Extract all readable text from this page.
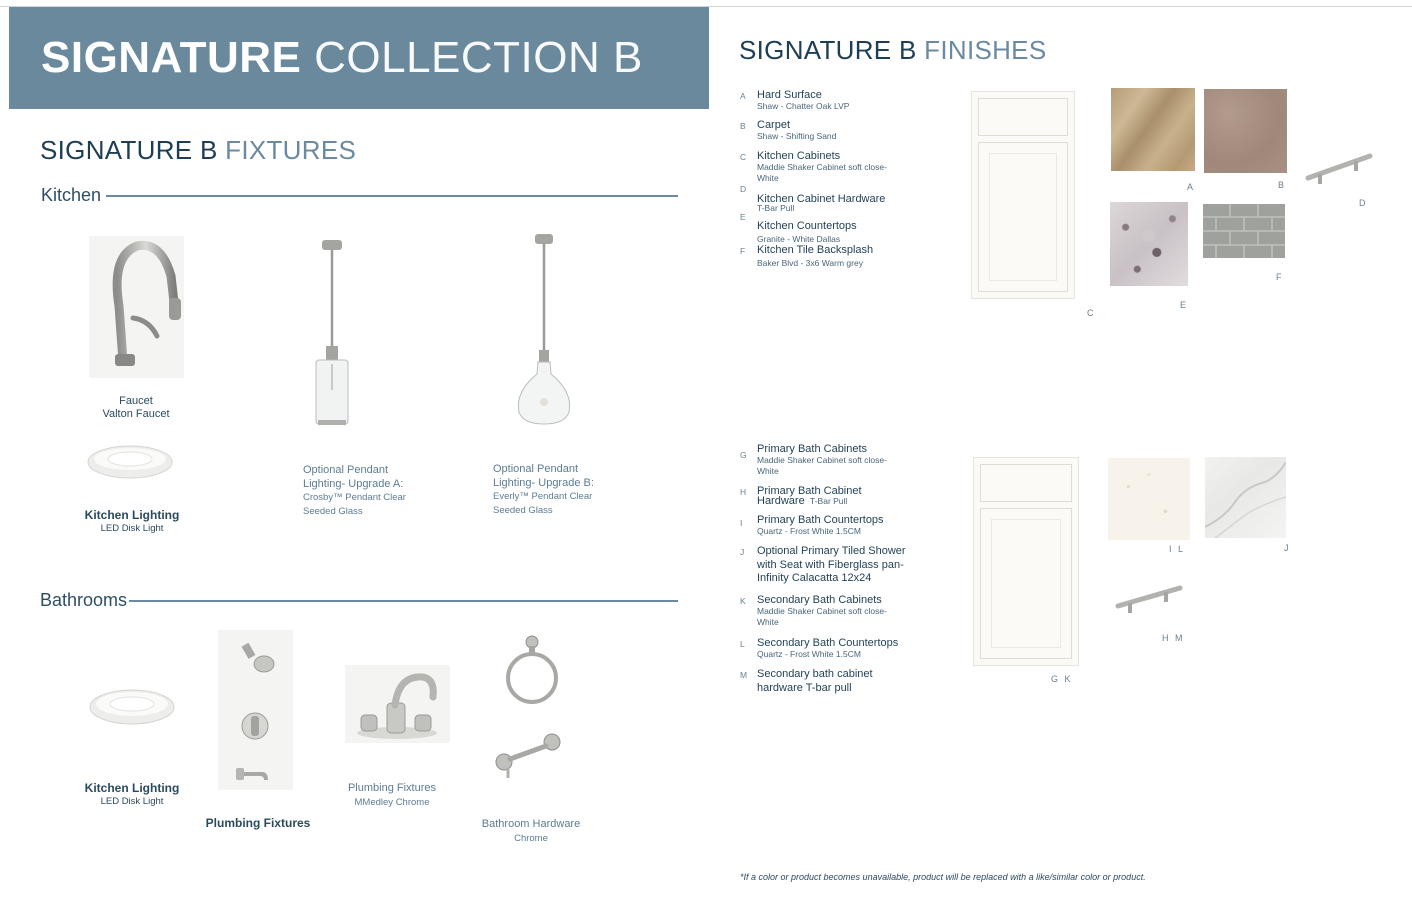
SIGNATURE COLLECTION B
SIGNATURE B FIXTURES
Kitchen
Faucet
Valton Faucet
Kitchen Lighting
LED Disk Light
Optional Pendant
Lighting- Upgrade A:
Crosby™ Pendant Clear
Seeded Glass
Optional Pendant
Lighting- Upgrade B:
Everly™ Pendant Clear
Seeded Glass
Bathrooms
Kitchen Lighting
LED Disk Light
Plumbing Fixtures
Plumbing Fixtures
MMedley Chrome
Bathroom Hardware
Chrome
SIGNATURE B FINISHES
A Hard Surface
Shaw - Chatter Oak LVP
B Carpet
Shaw - Shifting Sand
C Kitchen Cabinets
Maddie Shaker Cabinet soft close-
White
D
Kitchen Cabinet Hardware
T-Bar Pull
E
Kitchen Countertops
Granite - White Dallas
F Kitchen Tile Backsplash
Baker Blvd - 3x6 Warm grey
C
A	B
D
E
F
G Primary Bath Cabinets
Maddie Shaker Cabinet soft close-
White
H Primary Bath Cabinet
Hardware T-Bar Pull
I Primary Bath Countertops
Quartz - Frost White 1.5CM
J Optional Primary Tiled Shower
with Seat with Fiberglass pan-
Infinity Calacatta 12x24
K Secondary Bath Cabinets
Maddie Shaker Cabinet soft close-
White
L Secondary Bath Countertops
Quartz - Frost White 1.5CM
M Secondary bath cabinet
hardware T-bar pull
G K
I L	J
H M
*If a color or product becomes unavailable, product will be replaced with a like/similar color or product.
